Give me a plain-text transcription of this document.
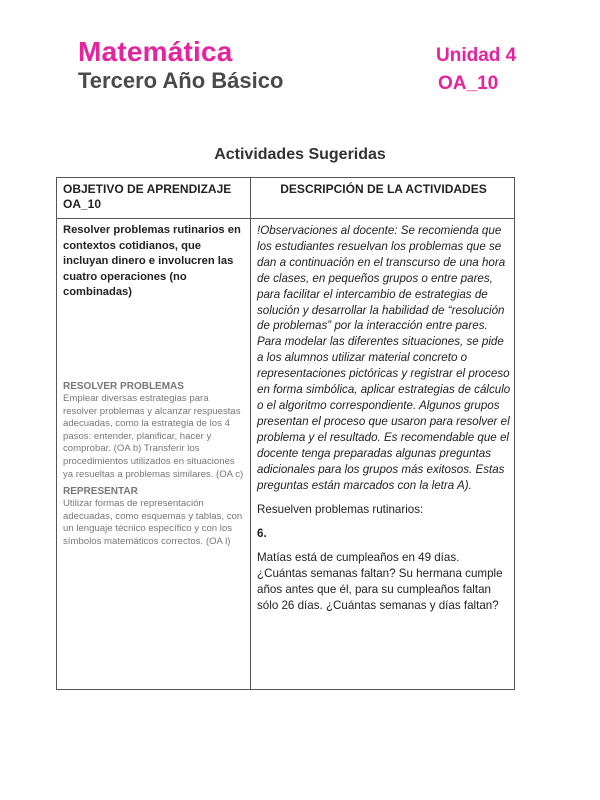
Matemática
Tercero Año Básico
Unidad 4
OA_10
Actividades Sugeridas
OBJETIVO DE APRENDIZAJE OA_10
DESCRIPCIÓN DE LA ACTIVIDADES
Resolver problemas rutinarios en contextos cotidianos, que incluyan dinero e involucren las cuatro operaciones (no combinadas)
RESOLVER PROBLEMAS
Emplear diversas estrategias para resolver problemas y alcanzar respuestas adecuadas, como la estrategia de los 4 pasos: entender, planificar, hacer y comprobar. (OA b) Transferir los procedimientos utilizados en situaciones ya resueltas a problemas similares. (OA c)
REPRESENTAR
Utilizar formas de representación adecuadas, como esquemas y tablas, con un lenguaje técnico específico y con los símbolos matemáticos correctos. (OA l)

!Observaciones al docente: Se recomienda que los estudiantes resuelvan los problemas que se dan a continuación en el transcurso de una hora de clases, en pequeños grupos o entre pares, para facilitar el intercambio de estrategias de solución y desarrollar la habilidad de “resolución de problemas” por la interacción entre pares. Para modelar las diferentes situaciones, se pide a los alumnos utilizar material concreto o representaciones pictóricas y registrar el proceso en forma simbólica, aplicar estrategias de cálculo o el algoritmo correspondiente. Algunos grupos presentan el proceso que usaron para resolver el problema y el resultado. Es recomendable que el docente tenga preparadas algunas preguntas adicionales para los grupos más exitosos. Estas preguntas están marcados con la letra A).

Resuelven problemas rutinarios:

6.

Matías está de cumpleaños en 49 días. ¿Cuántas semanas faltan? Su hermana cumple años antes que él, para su cumpleaños faltan sólo 26 días. ¿Cuántas semanas y días faltan?
